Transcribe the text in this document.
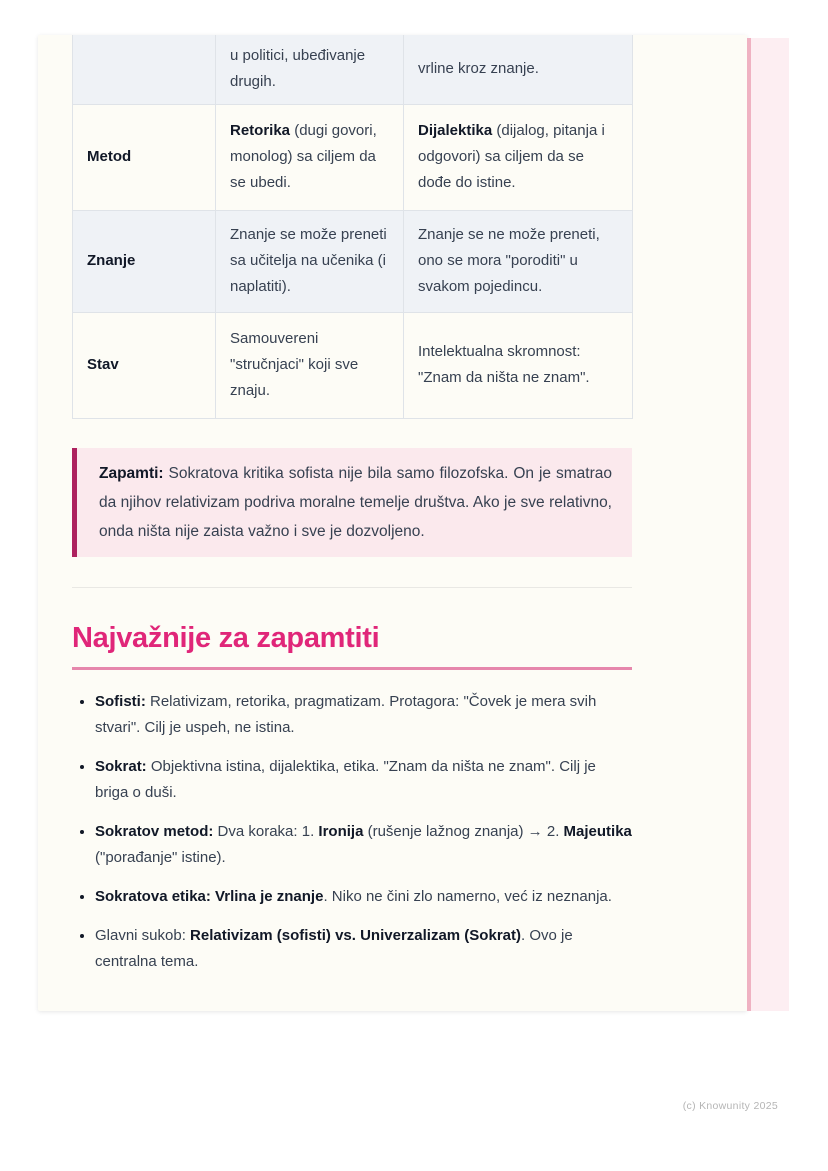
	u politici, ubeđivanje drugih.	vrline kroz znanje.
Metod	Retorika (dugi govori, monolog) sa ciljem da se ubedi.	Dijalektika (dijalog, pitanja i odgovori) sa ciljem da se dođe do istine.
Znanje	Znanje se može preneti sa učitelja na učenika (i naplatiti).	Znanje se ne može preneti, ono se mora "poroditi" u svakom pojedincu.
Stav	Samouvereni "stručnjaci" koji sve znaju.	Intelektualna skromnost: "Znam da ništa ne znam".
Zapamti: Sokratova kritika sofista nije bila samo filozofska. On je smatrao da njihov relativizam podriva moralne temelje društva. Ako je sve relativno, onda ništa nije zaista važno i sve je dozvoljeno.
Najvažnije za zapamtiti
• Sofisti: Relativizam, retorika, pragmatizam. Protagora: "Čovek je mera svih stvari". Cilj je uspeh, ne istina.
• Sokrat: Objektivna istina, dijalektika, etika. "Znam da ništa ne znam". Cilj je briga o duši.
• Sokratov metod: Dva koraka: 1. Ironija (rušenje lažnog znanja) → 2. Majeutika ("porađanje" istine).
• Sokratova etika: Vrlina je znanje. Niko ne čini zlo namerno, već iz neznanja.
• Glavni sukob: Relativizam (sofisti) vs. Univerzalizam (Sokrat). Ovo je centralna tema.
(c) Knowunity 2025
